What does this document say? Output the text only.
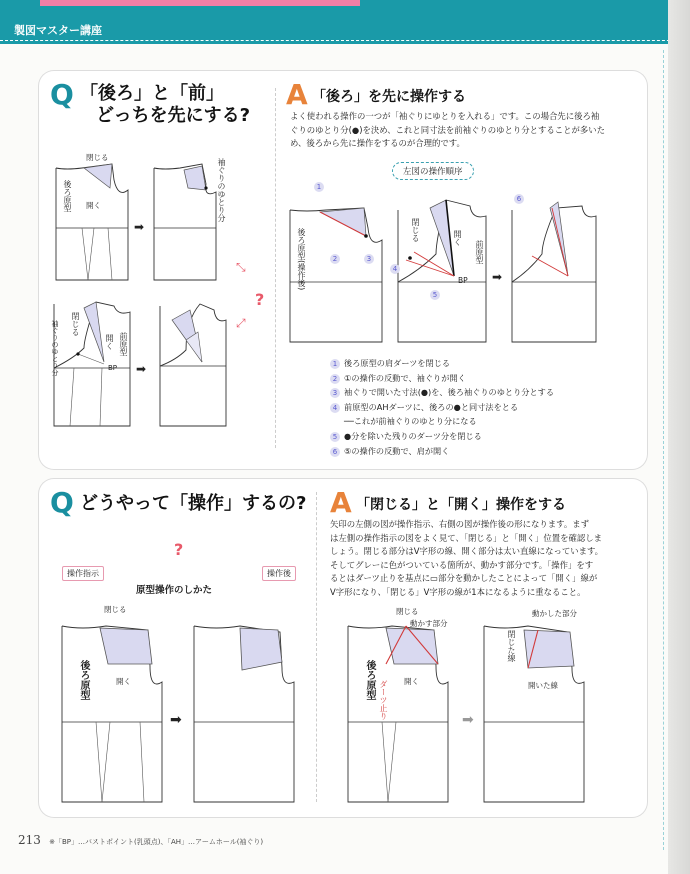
製図マスター講座
Q 「後ろ」と「前」
どっちを先にする?
A 「後ろ」を先に操作する
よく使われる操作の一つが「袖ぐりにゆとりを入れる」です。この場合先に後ろ袖
ぐりのゆとり分(●)を決め、これと同寸法を前袖ぐりのゆとり分とすることが多いた
め、後ろから先に操作をするのが合理的です。
左図の操作順序
閉じる
開く
後ろ原型
➡
袖ぐりのゆとり分
閉じる
開く 前原型
袖ぐりのゆとり分	BP ➡
?
⤡
⤢
後ろ原型(操作後)	閉じる	開く
前原型
BP
1
2	3
4
5
6
➡
1 後ろ原型の肩ダーツを閉じる
2 ①の操作の反動で、袖ぐりが開く
3 袖ぐりで開いた寸法(●)を、後ろ袖ぐりのゆとり分とする
4 前原型のAHダーツに、後ろの●と同寸法をとる
──これが前袖ぐりのゆとり分になる
5 ●分を除いた残りのダーツ分を閉じる
6 ⑤の操作の反動で、肩が開く
Q どうやって「操作」するの? A 「閉じる」と「開く」操作をする
矢印の左側の図が操作指示、右側の図が操作後の形になります。まず
は左側の操作指示の図をよく見て、「閉じる」と「開く」位置を確認しま
しょう。閉じる部分はV字形の線、開く部分は太い直線になっています。
そしてグレーに色がついている箇所が、動かす部分です。「操作」をす
るとはダーツ止りを基点に▭部分を動かしたことによって「開く」線が
V字形になり、「閉じる」V字形の線が1本になるように重なること。
操作指示	操作後
原型操作のしかた
?
閉じる
開く
後ろ原型
➡
閉じる
動かす部分
開く
後ろ原型 ダーツ止り
動かした部分
閉じた線
開いた線
➡
213 ※「BP」…バストポイント(乳頭点)、「AH」…アームホール(袖ぐり)
